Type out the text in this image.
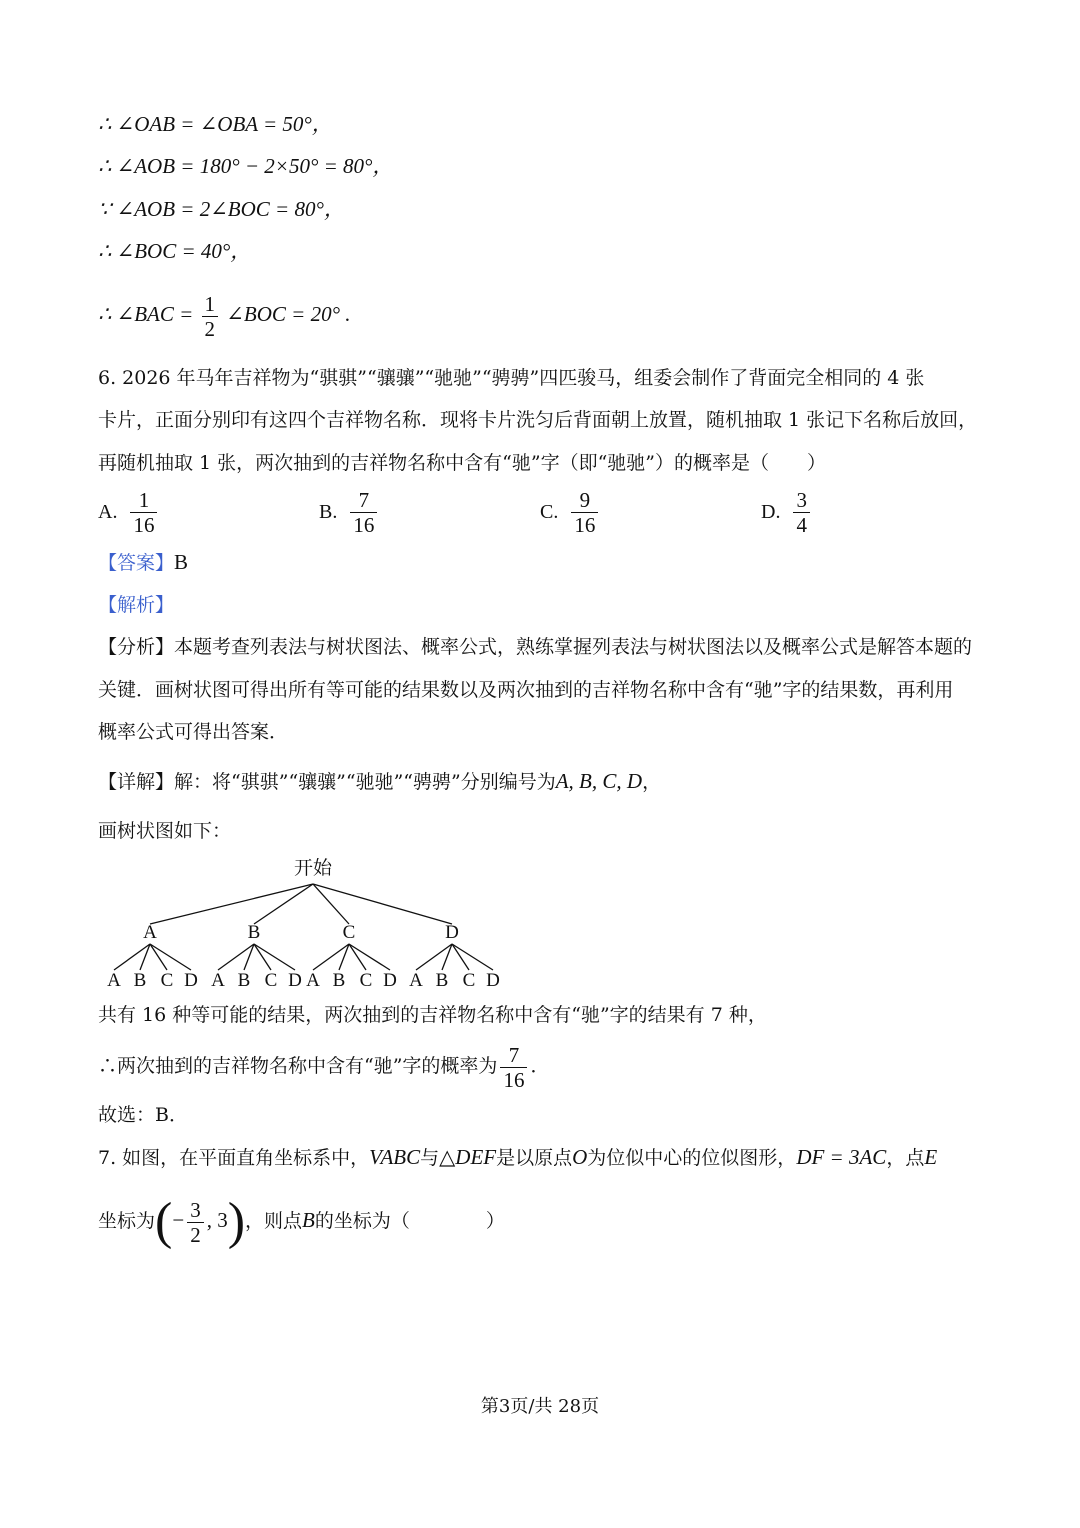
∴ ∠OAB = ∠OBA = 50°，
∴ ∠AOB = 180° − 2×50° = 80°，
∵ ∠AOB = 2∠BOC = 80°，
∴ ∠BOC = 40°，
∴ ∠BAC = $\frac{1}{2}$ ∠BOC = 20° .
6. 2026 年马年吉祥物为“骐骐”“骧骧”“驰驰”“骋骋”四匹骏马，组委会制作了背面完全相同的 4 张
卡片，正面分别印有这四个吉祥物名称．现将卡片洗匀后背面朝上放置，随机抽取 1 张记下名称后放回，
再随机抽取 1 张，两次抽到的吉祥物名称中含有“驰”字（即“驰驰”）的概率是（　　）
A. $\frac{1}{16}$	B. $\frac{7}{16}$	C. $\frac{9}{16}$	D. $\frac{3}{4}$
【答案】B
【解析】
【分析】本题考查列表法与树状图法、概率公式，熟练掌握列表法与树状图法以及概率公式是解答本题的
关键．画树状图可得出所有等可能的结果数以及两次抽到的吉祥物名称中含有“驰”字的结果数，再利用
概率公式可得出答案．
【详解】解：将“骐骐”“骧骧”“驰驰”“骋骋”分别编号为A, B, C, D，
画树状图如下：
开始
A	B	C	D
A B C D A B C D A B C D A B C D
共有 16 种等可能的结果，两次抽到的吉祥物名称中含有“驰”字的结果有 7 种，
∴两次抽到的吉祥物名称中含有“驰”字的概率为 $\frac{7}{16}$ ．
故选：B．
7. 如图，在平面直角坐标系中，VABC与△DEF是以原点O为位似中心的位似图形，DF = 3AC，点E
坐标为(− $\frac{3}{2}$ , 3)，则点B的坐标为（　　　　）
第3页/共 28页
